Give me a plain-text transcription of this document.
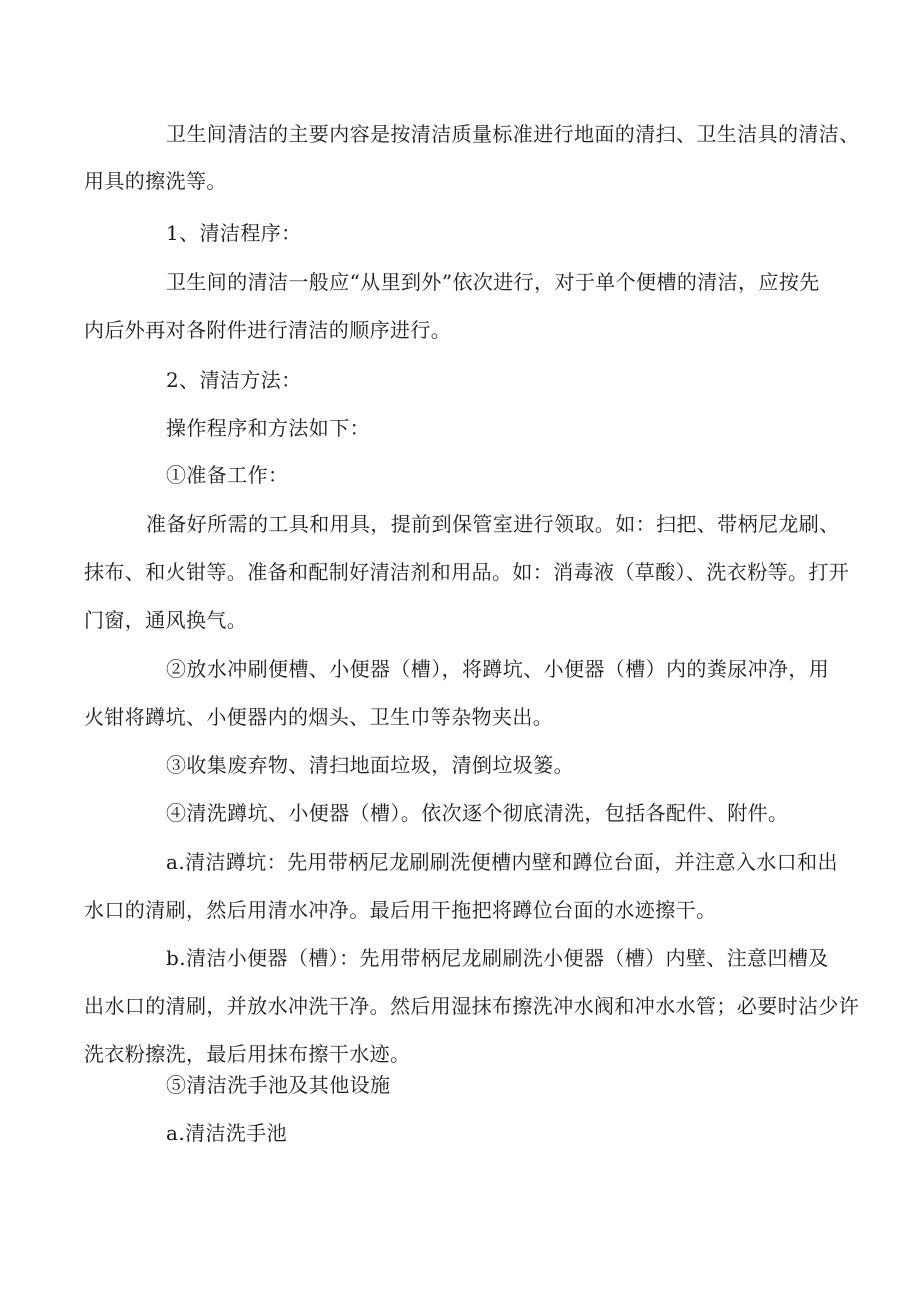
卫生间清洁的主要内容是按清洁质量标准进行地面的清扫、卫生洁具的清洁、
用具的擦洗等。
1、清洁程序：
卫生间的清洁一般应“从里到外”依次进行，对于单个便槽的清洁，应按先
内后外再对各附件进行清洁的顺序进行。
2、清洁方法：
操作程序和方法如下：
①准备工作：
准备好所需的工具和用具，提前到保管室进行领取。如：扫把、带柄尼龙刷、
抹布、和火钳等。准备和配制好清洁剂和用品。如：消毒液（草酸）、洗衣粉等。打开
门窗，通风换气。
②放水冲刷便槽、小便器（槽），将蹲坑、小便器（槽）内的粪尿冲净，用
火钳将蹲坑、小便器内的烟头、卫生巾等杂物夹出。
③收集废弃物、清扫地面垃圾，清倒垃圾篓。
④清洗蹲坑、小便器（槽）。依次逐个彻底清洗，包括各配件、附件。
a.清洁蹲坑：先用带柄尼龙刷刷洗便槽内壁和蹲位台面，并注意入水口和出
水口的清刷，然后用清水冲净。最后用干拖把将蹲位台面的水迹擦干。
b.清洁小便器（槽）：先用带柄尼龙刷刷洗小便器（槽）内壁、注意凹槽及
出水口的清刷，并放水冲洗干净。然后用湿抹布擦洗冲水阀和冲水水管；必要时沾少许
洗衣粉擦洗，最后用抹布擦干水迹。
⑤清洁洗手池及其他设施
a.清洁洗手池
